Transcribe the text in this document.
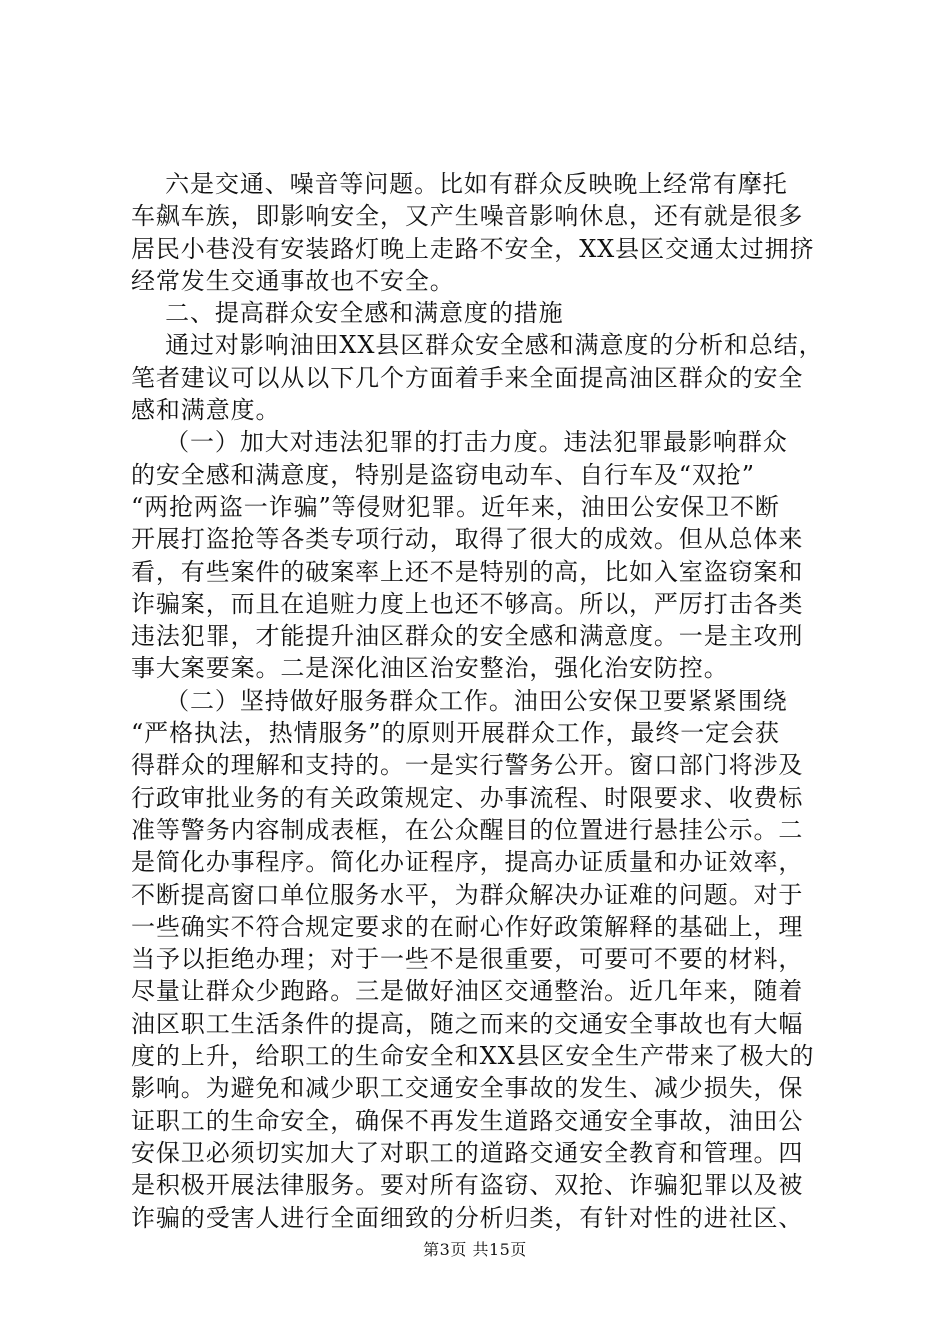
六是交通、噪音等问题。比如有群众反映晚上经常有摩托
车飙车族，即影响安全，又产生噪音影响休息，还有就是很多
居民小巷没有安装路灯晚上走路不安全，XX县区交通太过拥挤
经常发生交通事故也不安全。
二、提高群众安全感和满意度的措施
通过对影响油田XX县区群众安全感和满意度的分析和总结，
笔者建议可以从以下几个方面着手来全面提高油区群众的安全
感和满意度。
（一）加大对违法犯罪的打击力度。违法犯罪最影响群众
的安全感和满意度，特别是盗窃电动车、自行车及“双抢”
“两抢两盗一诈骗”等侵财犯罪。近年来，油田公安保卫不断
开展打盗抢等各类专项行动，取得了很大的成效。但从总体来
看，有些案件的破案率上还不是特别的高，比如入室盗窃案和
诈骗案，而且在追赃力度上也还不够高。所以，严厉打击各类
违法犯罪，才能提升油区群众的安全感和满意度。一是主攻刑
事大案要案。二是深化油区治安整治，强化治安防控。
（二）坚持做好服务群众工作。油田公安保卫要紧紧围绕
“严格执法，热情服务”的原则开展群众工作，最终一定会获
得群众的理解和支持的。一是实行警务公开。窗口部门将涉及
行政审批业务的有关政策规定、办事流程、时限要求、收费标
准等警务内容制成表框，在公众醒目的位置进行悬挂公示。二
是简化办事程序。简化办证程序，提高办证质量和办证效率，
不断提高窗口单位服务水平，为群众解决办证难的问题。对于
一些确实不符合规定要求的在耐心作好政策解释的基础上，理
当予以拒绝办理；对于一些不是很重要，可要可不要的材料，
尽量让群众少跑路。三是做好油区交通整治。近几年来，随着
油区职工生活条件的提高，随之而来的交通安全事故也有大幅
度的上升，给职工的生命安全和XX县区安全生产带来了极大的
影响。为避免和减少职工交通安全事故的发生、减少损失，保
证职工的生命安全，确保不再发生道路交通安全事故，油田公
安保卫必须切实加大了对职工的道路交通安全教育和管理。四
是积极开展法律服务。要对所有盗窃、双抢、诈骗犯罪以及被
诈骗的受害人进行全面细致的分析归类，有针对性的进社区、
第3页 共15页
